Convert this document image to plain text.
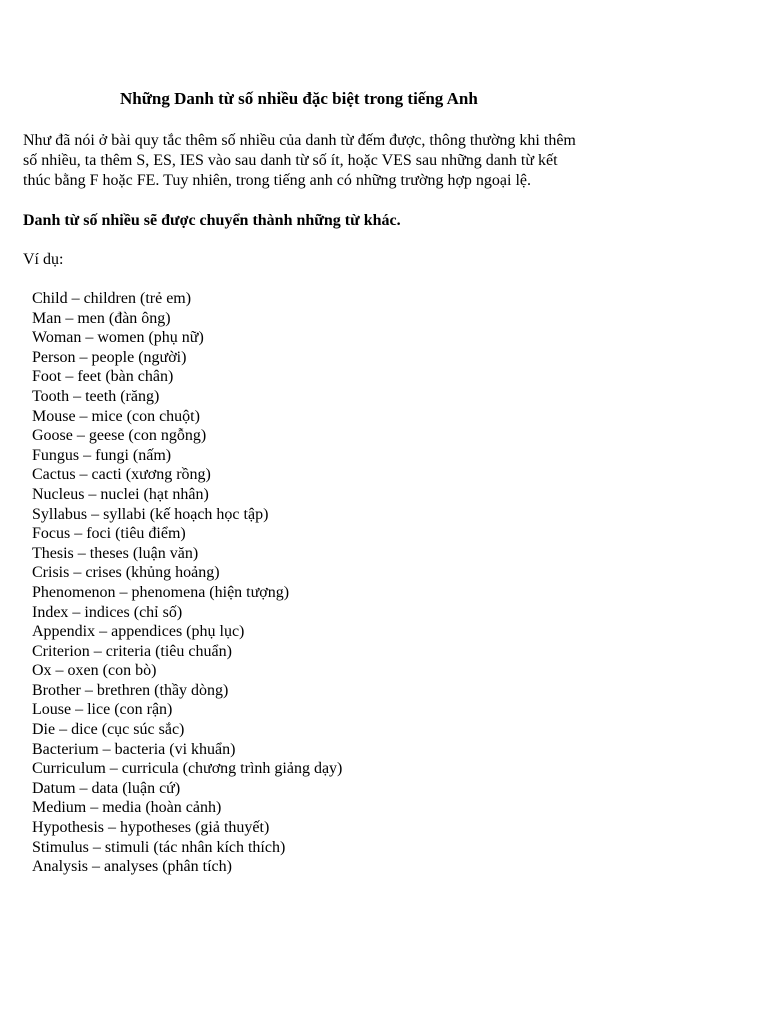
Những Danh từ số nhiều đặc biệt trong tiếng Anh

Như đã nói ở bài quy tắc thêm số nhiều của danh từ đếm được, thông thường khi thêm
số nhiều, ta thêm S, ES, IES vào sau danh từ số ít, hoặc VES sau những danh từ kết
thúc bằng F hoặc FE. Tuy nhiên, trong tiếng anh có những trường hợp ngoại lệ.

Danh từ số nhiều sẽ được chuyển thành những từ khác.

Ví dụ:

Child – children (trẻ em)
Man – men (đàn ông)
Woman – women (phụ nữ)
Person – people (người)
Foot – feet (bàn chân)
Tooth – teeth (răng)
Mouse – mice (con chuột)
Goose – geese (con ngỗng)
Fungus – fungi (nấm)
Cactus – cacti (xương rồng)
Nucleus – nuclei (hạt nhân)
Syllabus – syllabi (kế hoạch học tập)
Focus – foci (tiêu điểm)
Thesis – theses (luận văn)
Crisis – crises (khủng hoảng)
Phenomenon – phenomena (hiện tượng)
Index – indices (chỉ số)
Appendix – appendices (phụ lục)
Criterion – criteria (tiêu chuẩn)
Ox – oxen (con bò)
Brother – brethren (thầy dòng)
Louse – lice (con rận)
Die – dice (cục súc sắc)
Bacterium – bacteria (vi khuẩn)
Curriculum – curricula (chương trình giảng dạy)
Datum – data (luận cứ)
Medium – media (hoàn cảnh)
Hypothesis – hypotheses (giả thuyết)
Stimulus – stimuli (tác nhân kích thích)
Analysis – analyses (phân tích)
